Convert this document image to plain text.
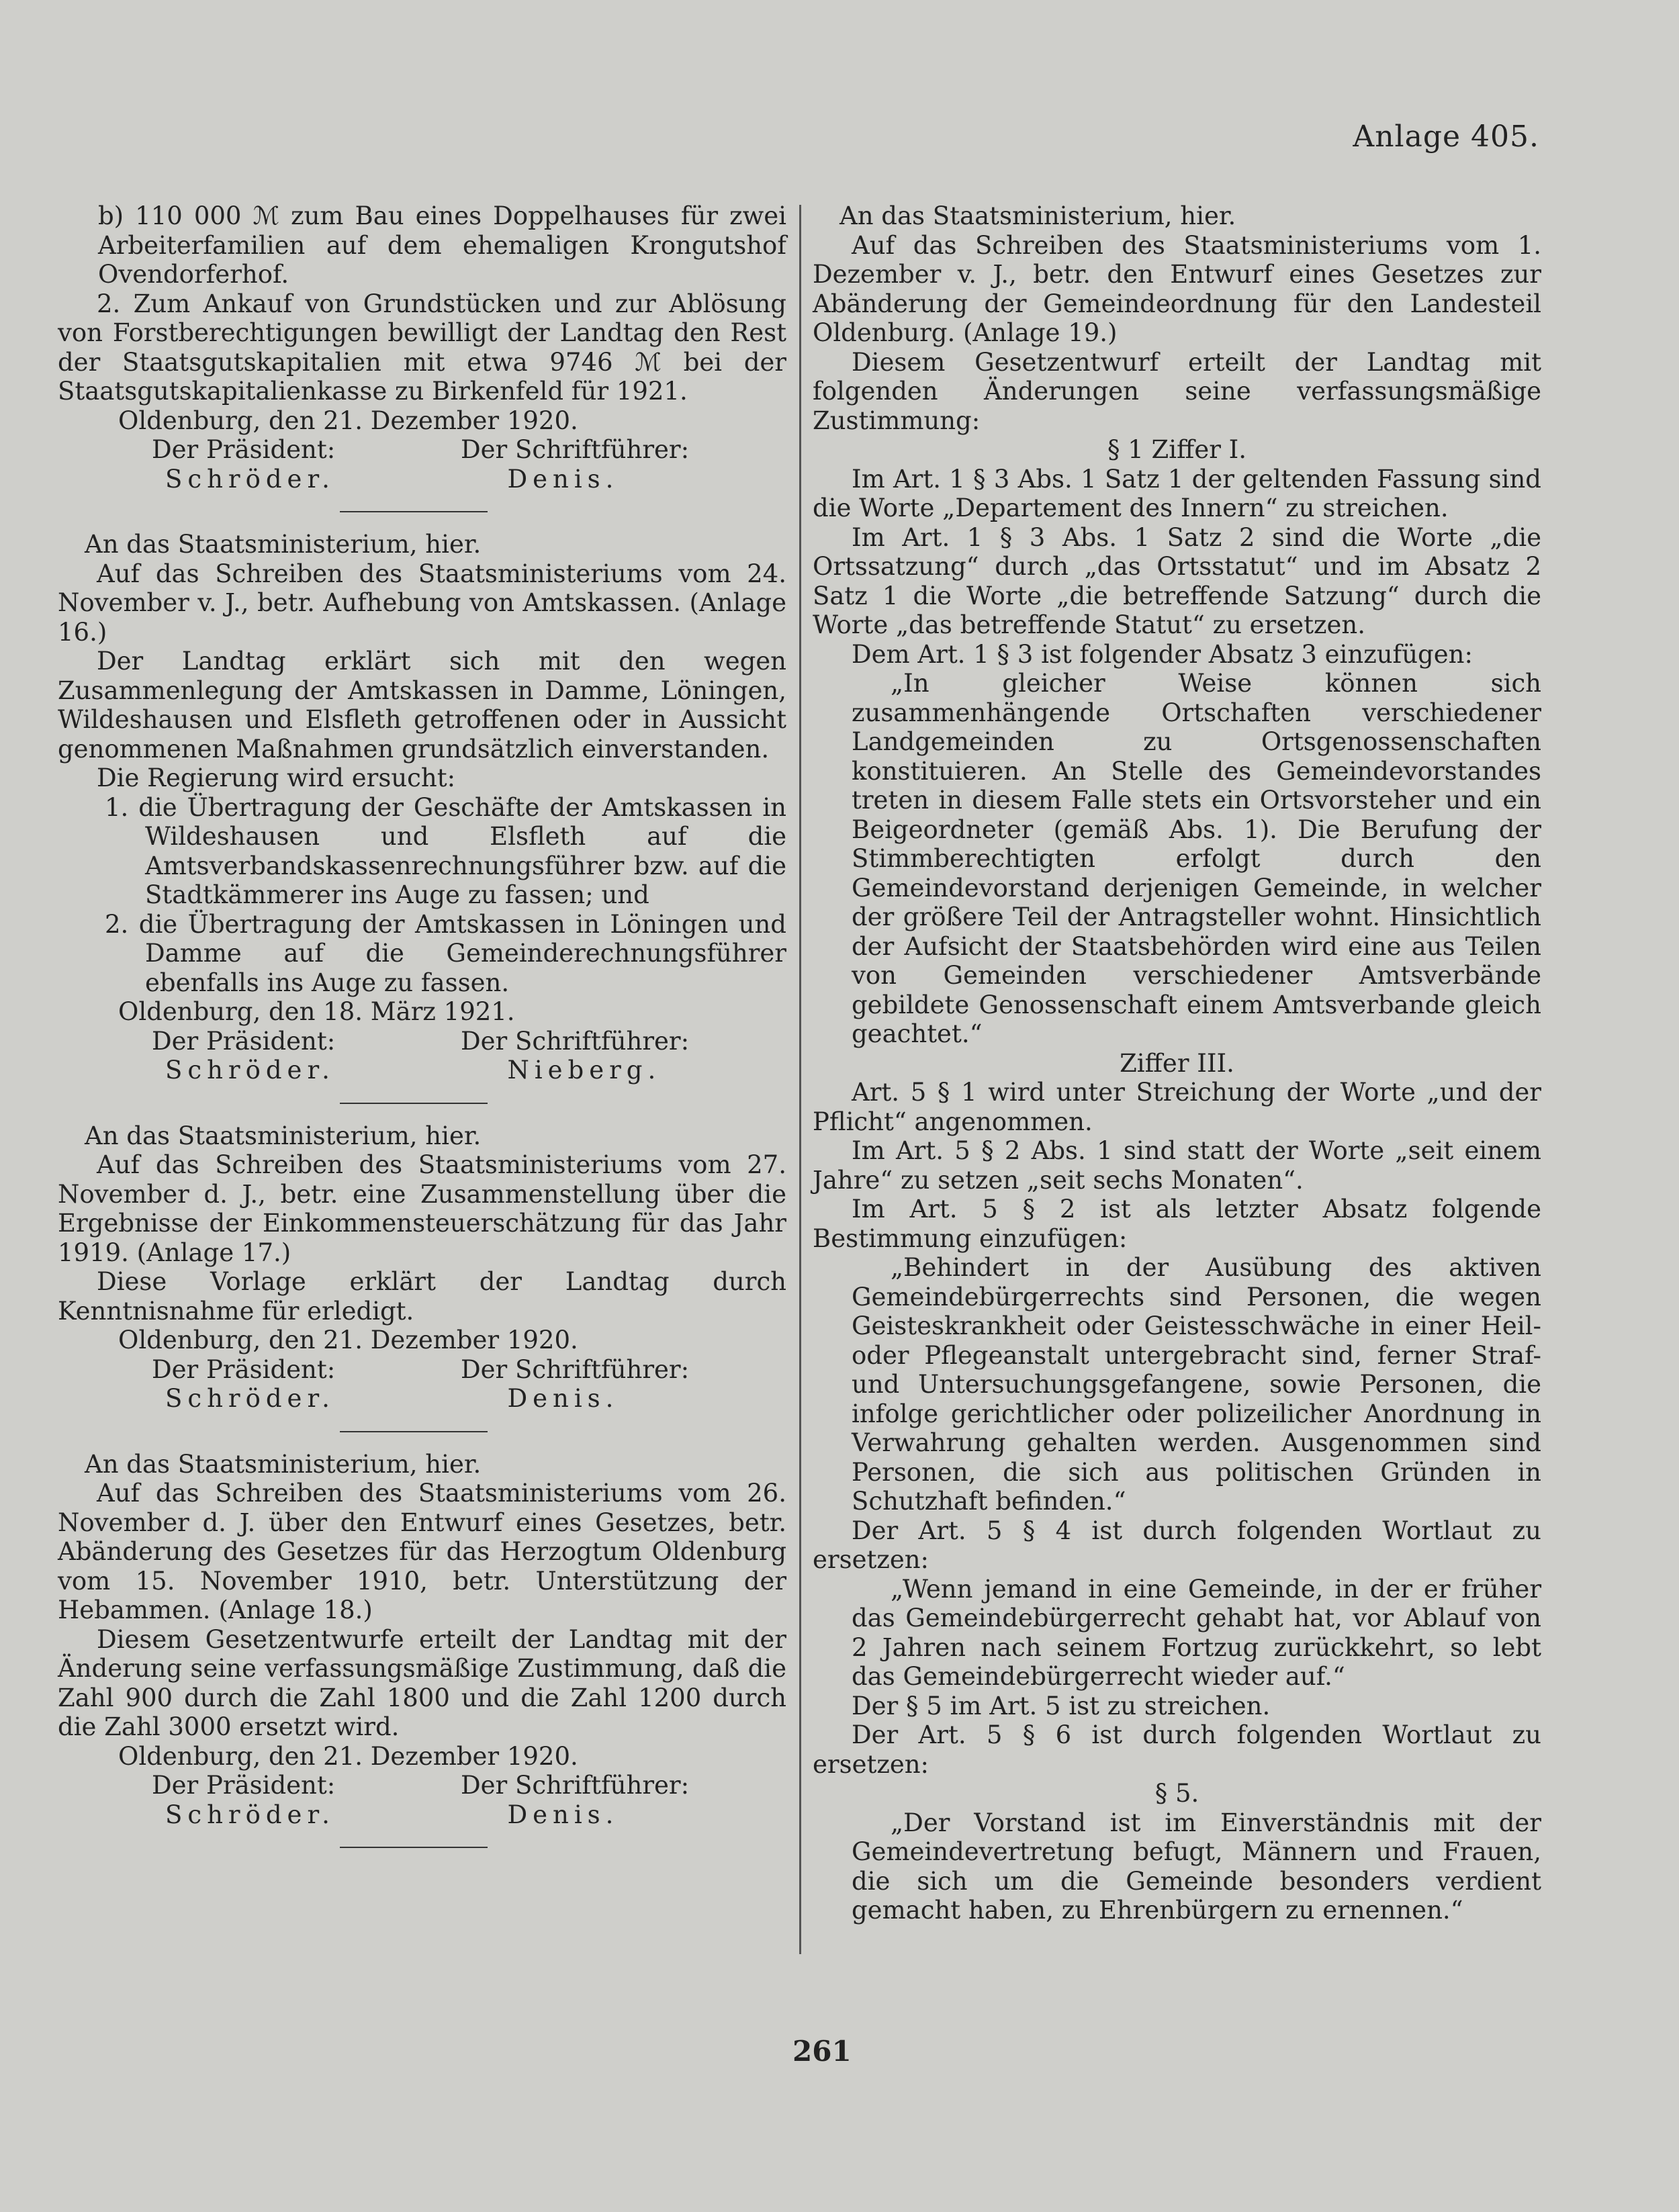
Anlage 405.

b) 110 000 ℳ zum Bau eines Doppelhauses für zwei Arbeiterfamilien auf dem ehemaligen Krongutshof Ovendorferhof.

2. Zum Ankauf von Grundstücken und zur Ablösung von Forstberechtigungen bewilligt der Landtag den Rest der Staatsgutskapitalien mit etwa 9746 ℳ bei der Staatsgutskapitalienkasse zu Birkenfeld für 1921.

Oldenburg, den 21. Dezember 1920.

Der Präsident:	Der Schriftführer:
Schröder.	Denis.

An das Staatsministerium, hier.

Auf das Schreiben des Staatsministeriums vom 24. November v. J., betr. Aufhebung von Amtskassen. (Anlage 16.)

Der Landtag erklärt sich mit den wegen Zusammenlegung der Amtskassen in Damme, Löningen, Wildeshausen und Elsfleth getroffenen oder in Aussicht genommenen Maßnahmen grundsätzlich einverstanden.

Die Regierung wird ersucht:

1. die Übertragung der Geschäfte der Amtskassen in Wildeshausen und Elsfleth auf die Amtsverbandskassenrechnungsführer bzw. auf die Stadtkämmerer ins Auge zu fassen; und

2. die Übertragung der Amtskassen in Löningen und Damme auf die Gemeinderechnungsführer ebenfalls ins Auge zu fassen.

Oldenburg, den 18. März 1921.

Der Präsident:	Der Schriftführer:
Schröder.	Nieberg.

An das Staatsministerium, hier.

Auf das Schreiben des Staatsministeriums vom 27. November d. J., betr. eine Zusammenstellung über die Ergebnisse der Einkommensteuerschätzung für das Jahr 1919. (Anlage 17.)

Diese Vorlage erklärt der Landtag durch Kenntnisnahme für erledigt.

Oldenburg, den 21. Dezember 1920.

Der Präsident:	Der Schriftführer:
Schröder.	Denis.

An das Staatsministerium, hier.

Auf das Schreiben des Staatsministeriums vom 26. November d. J. über den Entwurf eines Gesetzes, betr. Abänderung des Gesetzes für das Herzogtum Oldenburg vom 15. November 1910, betr. Unterstützung der Hebammen. (Anlage 18.)

Diesem Gesetzentwurfe erteilt der Landtag mit der Änderung seine verfassungsmäßige Zustimmung, daß die Zahl 900 durch die Zahl 1800 und die Zahl 1200 durch die Zahl 3000 ersetzt wird.

Oldenburg, den 21. Dezember 1920.

Der Präsident:	Der Schriftführer:
Schröder.	Denis.

An das Staatsministerium, hier.

Auf das Schreiben des Staatsministeriums vom 1. Dezember v. J., betr. den Entwurf eines Gesetzes zur Abänderung der Gemeindeordnung für den Landesteil Oldenburg. (Anlage 19.)

Diesem Gesetzentwurf erteilt der Landtag mit folgenden Änderungen seine verfassungsmäßige Zustimmung:

§ 1 Ziffer I.

Im Art. 1 § 3 Abs. 1 Satz 1 der geltenden Fassung sind die Worte „Departement des Innern“ zu streichen.

Im Art. 1 § 3 Abs. 1 Satz 2 sind die Worte „die Ortssatzung“ durch „das Ortsstatut“ und im Absatz 2 Satz 1 die Worte „die betreffende Satzung“ durch die Worte „das betreffende Statut“ zu ersetzen.

Dem Art. 1 § 3 ist folgender Absatz 3 einzufügen:

„In gleicher Weise können sich zusammenhängende Ortschaften verschiedener Landgemeinden zu Ortsgenossenschaften konstituieren. An Stelle des Gemeindevorstandes treten in diesem Falle stets ein Ortsvorsteher und ein Beigeordneter (gemäß Abs. 1). Die Berufung der Stimmberechtigten erfolgt durch den Gemeindevorstand derjenigen Gemeinde, in welcher der größere Teil der Antragsteller wohnt. Hinsichtlich der Aufsicht der Staatsbehörden wird eine aus Teilen von Gemeinden verschiedener Amtsverbände gebildete Genossenschaft einem Amtsverbande gleich geachtet.“

Ziffer III.

Art. 5 § 1 wird unter Streichung der Worte „und der Pflicht“ angenommen.

Im Art. 5 § 2 Abs. 1 sind statt der Worte „seit einem Jahre“ zu setzen „seit sechs Monaten“.

Im Art. 5 § 2 ist als letzter Absatz folgende Bestimmung einzufügen:

„Behindert in der Ausübung des aktiven Gemeindebürgerrechts sind Personen, die wegen Geisteskrankheit oder Geistesschwäche in einer Heil- oder Pflegeanstalt untergebracht sind, ferner Straf- und Untersuchungsgefangene, sowie Personen, die infolge gerichtlicher oder polizeilicher Anordnung in Verwahrung gehalten werden. Ausgenommen sind Personen, die sich aus politischen Gründen in Schutzhaft befinden.“

Der Art. 5 § 4 ist durch folgenden Wortlaut zu ersetzen:

„Wenn jemand in eine Gemeinde, in der er früher das Gemeindebürgerrecht gehabt hat, vor Ablauf von 2 Jahren nach seinem Fortzug zurückkehrt, so lebt das Gemeindebürgerrecht wieder auf.“

Der § 5 im Art. 5 ist zu streichen.

Der Art. 5 § 6 ist durch folgenden Wortlaut zu ersetzen:

§ 5.

„Der Vorstand ist im Einverständnis mit der Gemeindevertretung befugt, Männern und Frauen, die sich um die Gemeinde besonders verdient gemacht haben, zu Ehrenbürgern zu ernennen.“

261
